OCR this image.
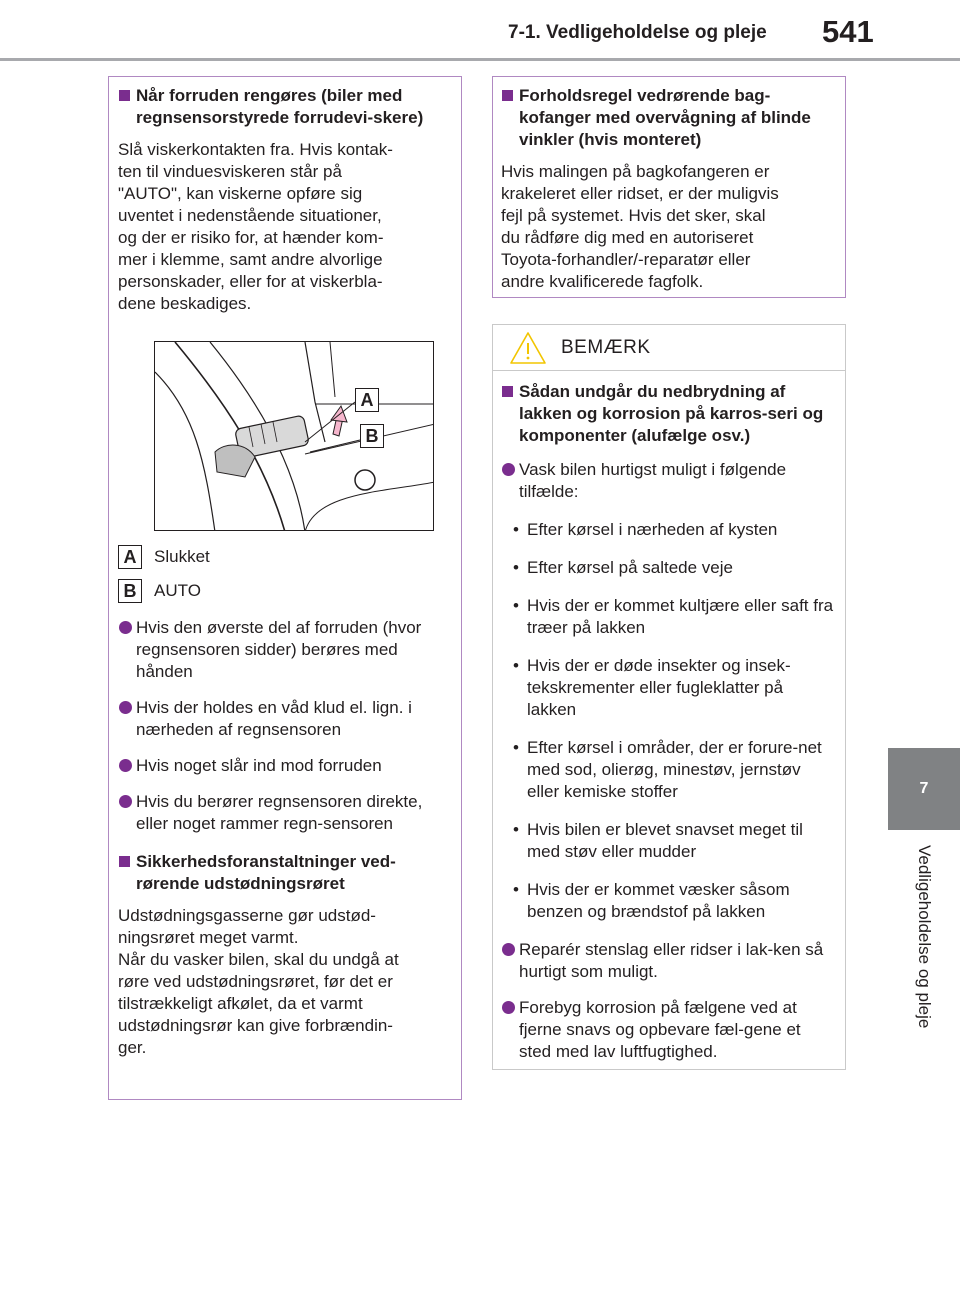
7-1. Vedligeholdelse og pleje 541
7
Vedligeholdelse og pleje
Når forruden rengøres (biler med regnsensorstyrede forrudevi-skere)
Slå viskerkontakten fra. Hvis kontak-
ten til vinduesviskeren står på
"AUTO", kan viskerne opføre sig
uventet i nedenstående situationer,
og der er risiko for, at hænder kom-
mer i klemme, samt andre alvorlige
personskader, eller for at viskerbla-
dene beskadiges.
A
B
A	Slukket
B	AUTO
Hvis den øverste del af forruden (hvor regnsensoren sidder) berøres med hånden
Hvis der holdes en våd klud el. lign. i nærheden af regnsensoren
Hvis noget slår ind mod forruden
Hvis du berører regnsensoren direkte, eller noget rammer regn-sensoren
Sikkerhedsforanstaltninger ved-rørende udstødningsrøret
Udstødningsgasserne gør udstød-
ningsrøret meget varmt.
Når du vasker bilen, skal du undgå at
røre ved udstødningsrøret, før det er
tilstrækkeligt afkølet, da et varmt
udstødningsrør kan give forbrændin-
ger.
Forholdsregel vedrørende bag-kofanger med overvågning af blinde vinkler (hvis monteret)
Hvis malingen på bagkofangeren er
krakeleret eller ridset, er der muligvis
fejl på systemet. Hvis det sker, skal
du rådføre dig med en autoriseret
Toyota-forhandler/-reparatør eller
andre kvalificerede fagfolk.
BEMÆRK
Sådan undgår du nedbrydning af lakken og korrosion på karros-seri og komponenter (alufælge osv.)
Vask bilen hurtigst muligt i følgende tilfælde:
• Efter kørsel i nærheden af kysten
• Efter kørsel på saltede veje
• Hvis der er kommet kultjære eller saft fra træer på lakken
• Hvis der er døde insekter og insek-tekskrementer eller fugleklatter på lakken
• Efter kørsel i områder, der er forure-net med sod, olierøg, minestøv, jernstøv eller kemiske stoffer
• Hvis bilen er blevet snavset meget til med støv eller mudder
• Hvis der er kommet væsker såsom benzen og brændstof på lakken
Reparér stenslag eller ridser i lak-ken så hurtigt som muligt.
Forebyg korrosion på fælgene ved at fjerne snavs og opbevare fæl-gene et sted med lav luftfugtighed.
